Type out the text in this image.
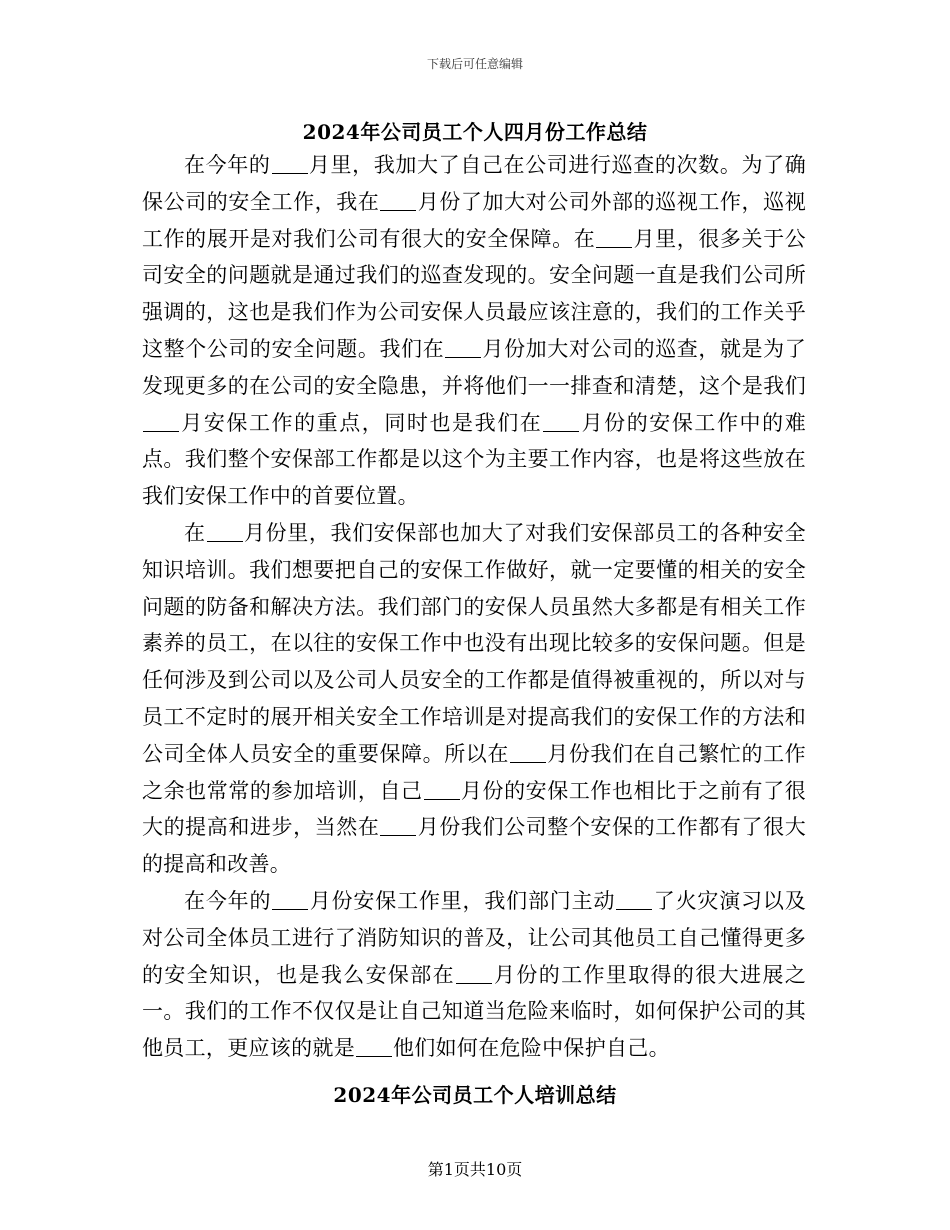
下载后可任意编辑
2024年公司员工个人四月份工作总结

在今年的 月里，我加大了自己在公司进行巡查的次数。为了确保公司的安全工作，我在 月份了加大对公司外部的巡视工作，巡视工作的展开是对我们公司有很大的安全保障。在 月里，很多关于公司安全的问题就是通过我们的巡查发现的。安全问题一直是我们公司所强调的，这也是我们作为公司安保人员最应该注意的，我们的工作关乎这整个公司的安全问题。我们在 月份加大对公司的巡查，就是为了发现更多的在公司的安全隐患，并将他们一一排查和清楚，这个是我们月安保工作的重点，同时也是我们在 月份的安保工作中的难点。我们整个安保部工作都是以这个为主要工作内容，也是将这些放在我们安保工作中的首要位置。

在 月份里，我们安保部也加大了对我们安保部员工的各种安全知识培训。我们想要把自己的安保工作做好，就一定要懂的相关的安全问题的防备和解决方法。我们部门的安保人员虽然大多都是有相关工作素养的员工，在以往的安保工作中也没有出现比较多的安保问题。但是任何涉及到公司以及公司人员安全的工作都是值得被重视的，所以对与员工不定时的展开相关安全工作培训是对提高我们的安保工作的方法和公司全体人员安全的重要保障。所以在 月份我们在自己繁忙的工作之余也常常的参加培训，自己 月份的安保工作也相比于之前有了很大的提高和进步，当然在 月份我们公司整个安保的工作都有了很大的提高和改善。

在今年的 月份安保工作里，我们部门主动 了火灾演习以及对公司全体员工进行了消防知识的普及，让公司其他员工自己懂得更多的安全知识，也是我么安保部在 月份的工作里取得的很大进展之一。我们的工作不仅仅是让自己知道当危险来临时，如何保护公司的其他员工，更应该的就是 他们如何在危险中保护自己。

2024年公司员工个人培训总结
第1页共10页
